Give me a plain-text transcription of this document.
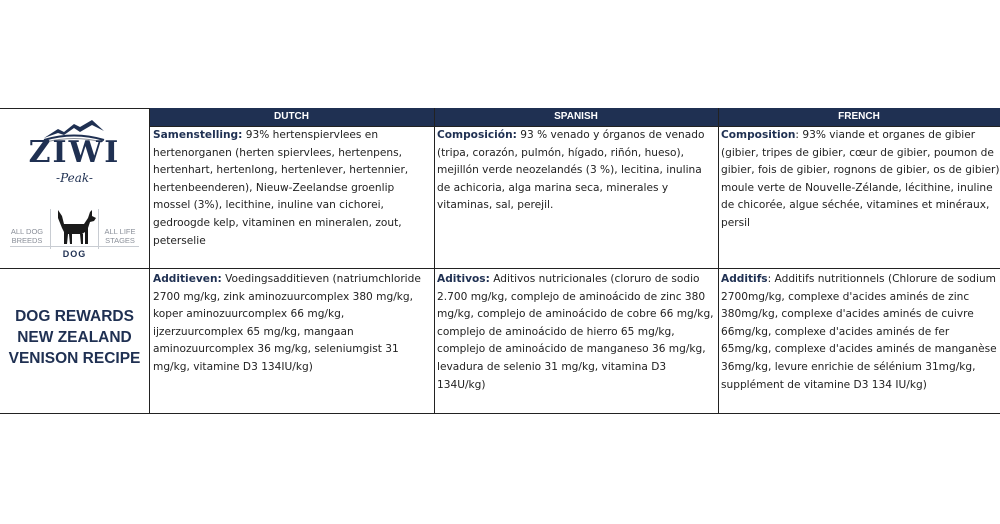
DUTCH	SPANISH	FRENCH
ZIWI
-Peak-
ALL DOG
BREEDS
ALL LIFE
STAGES
DOG
DOG REWARDS
NEW ZEALAND
VENISON RECIPE
Samenstelling: 93% hertenspiervlees en hertenorganen (herten spiervlees, hertenpens, hertenhart, hertenlong, hertenlever, hertennier, hertenbeenderen), Nieuw-Zeelandse groenlip mossel (3%), lecithine, inuline van cichorei, gedroogde kelp, vitaminen en mineralen, zout, peterselie
Composición: 93 % venado y órganos de venado (tripa, corazón, pulmón, hígado, riñón, hueso), mejillón verde neozelandés (3 %), lecitina, inulina de achicoria, alga marina seca, minerales y vitaminas, sal, perejil.
Composition: 93% viande et organes de gibier (gibier, tripes de gibier, cœur de gibier, poumon de gibier, fois de gibier, rognons de gibier, os de gibier) moule verte de Nouvelle-Zélande, lécithine, inuline de chicorée, algue séchée, vitamines et minéraux, persil
Additieven: Voedingsadditieven (natriumchloride 2700 mg/kg, zink aminozuurcomplex 380 mg/kg, koper aminozuurcomplex 66 mg/kg, ijzerzuurcomplex 65 mg/kg, mangaan aminozuurcomplex 36 mg/kg, seleniumgist 31 mg/kg, vitamine D3 134IU/kg)
Aditivos: Aditivos nutricionales (cloruro de sodio 2.700 mg/kg, complejo de aminoácido de zinc 380 mg/kg, complejo de aminoácido de cobre 66 mg/kg, complejo de aminoácido de hierro 65 mg/kg, complejo de aminoácido de manganeso 36 mg/kg, levadura de selenio 31 mg/kg, vitamina D3 134U/kg)
Additifs: Additifs nutritionnels (Chlorure de sodium 2700mg/kg, complexe d'acides aminés de zinc 380mg/kg, complexe d'acides aminés de cuivre 66mg/kg, complexe d'acides aminés de fer 65mg/kg, complexe d'acides aminés de manganèse 36mg/kg, levure enrichie de sélénium 31mg/kg, supplément de vitamine D3 134 IU/kg)
